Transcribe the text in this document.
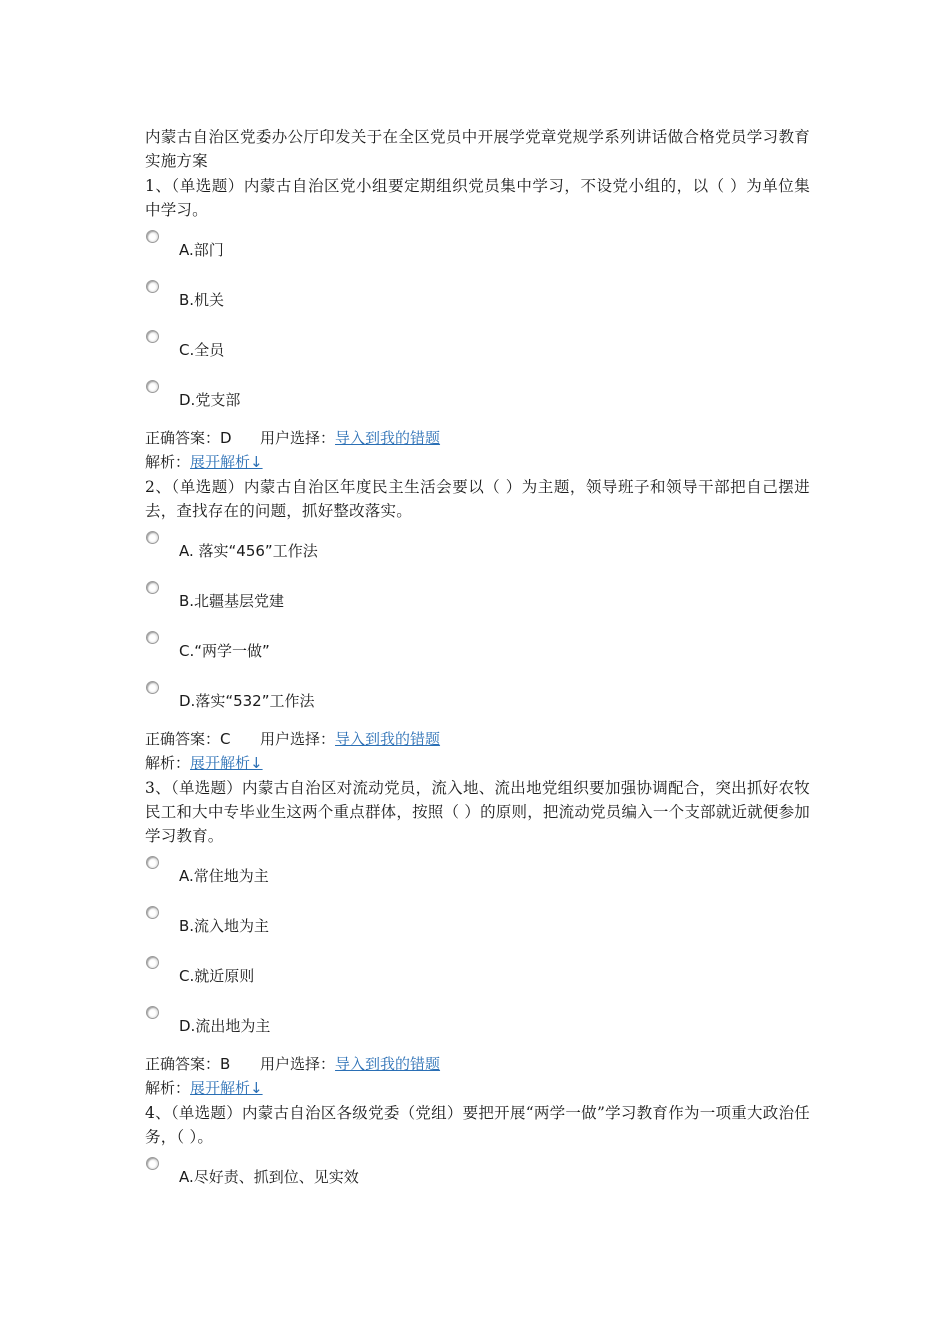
内蒙古自治区党委办公厅印发关于在全区党员中开展学党章党规学系列讲话做合格党员学习教育实施方案

1、（单选题）内蒙古自治区党小组要定期组织党员集中学习，不设党小组的，以（ ）为单位集中学习。

A.部门
B.机关
C.全员
D.党支部
正确答案：D 用户选择：导入到我的错题
解析：展开解析↓

2、（单选题）内蒙古自治区年度民主生活会要以（ ）为主题，领导班子和领导干部把自己摆进去，查找存在的问题，抓好整改落实。

A. 落实“456”工作法
B.北疆基层党建
C.“两学一做”
D.落实“532”工作法
正确答案：C 用户选择：导入到我的错题
解析：展开解析↓

3、（单选题）内蒙古自治区对流动党员，流入地、流出地党组织要加强协调配合，突出抓好农牧民工和大中专毕业生这两个重点群体，按照（ ）的原则，把流动党员编入一个支部就近就便参加学习教育。

A.常住地为主
B.流入地为主
C.就近原则
D.流出地为主
正确答案：B 用户选择：导入到我的错题
解析：展开解析↓

4、（单选题）内蒙古自治区各级党委（党组）要把开展“两学一做”学习教育作为一项重大政治任务，（ ）。

A.尽好责、抓到位、见实效
